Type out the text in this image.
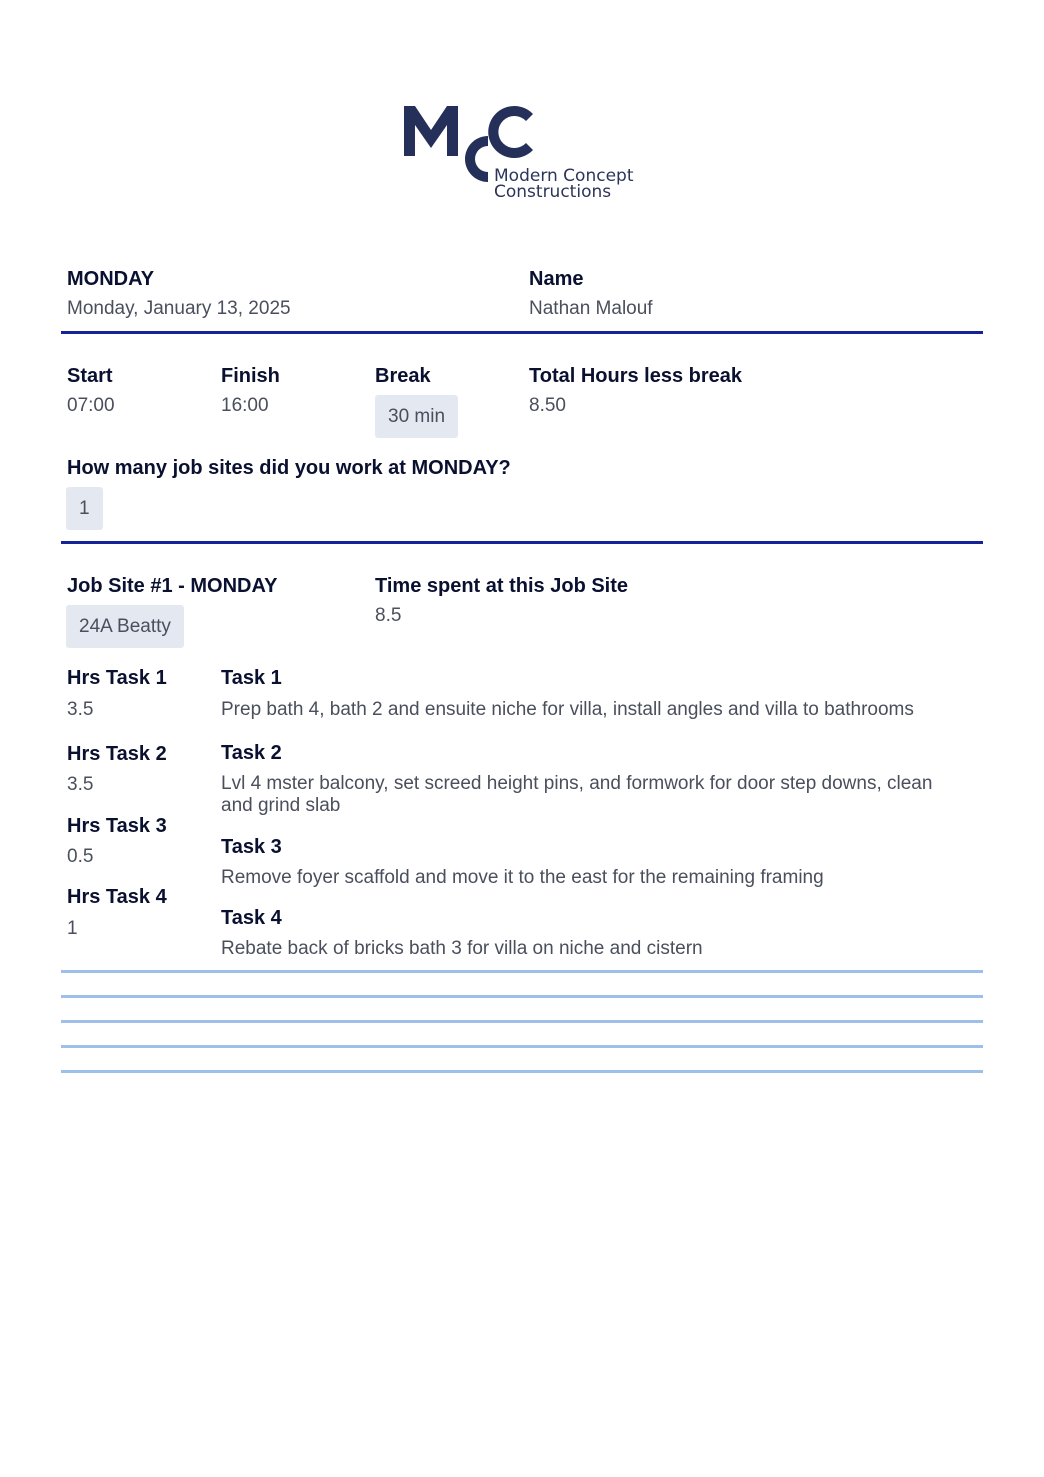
Modern Concept
Constructions
MONDAY
Monday, January 13, 2025
Name
Nathan Malouf
Start
07:00
Finish
16:00
Break
30 min
Total Hours less break
8.50
How many job sites did you work at MONDAY?
1
Job Site #1 - MONDAY
24A Beatty
Time spent at this Job Site
8.5
Hrs Task 1
3.5
Hrs Task 2
3.5
Hrs Task 3
0.5
Hrs Task 4
1
Task 1
Prep bath 4, bath 2 and ensuite niche for villa, install angles and villa to bathrooms
Task 2
Lvl 4 mster balcony, set screed height pins, and formwork for door step downs, clean and grind slab
Task 3
Remove foyer scaffold and move it to the east for the remaining framing
Task 4
Rebate back of bricks bath 3 for villa on niche and cistern
